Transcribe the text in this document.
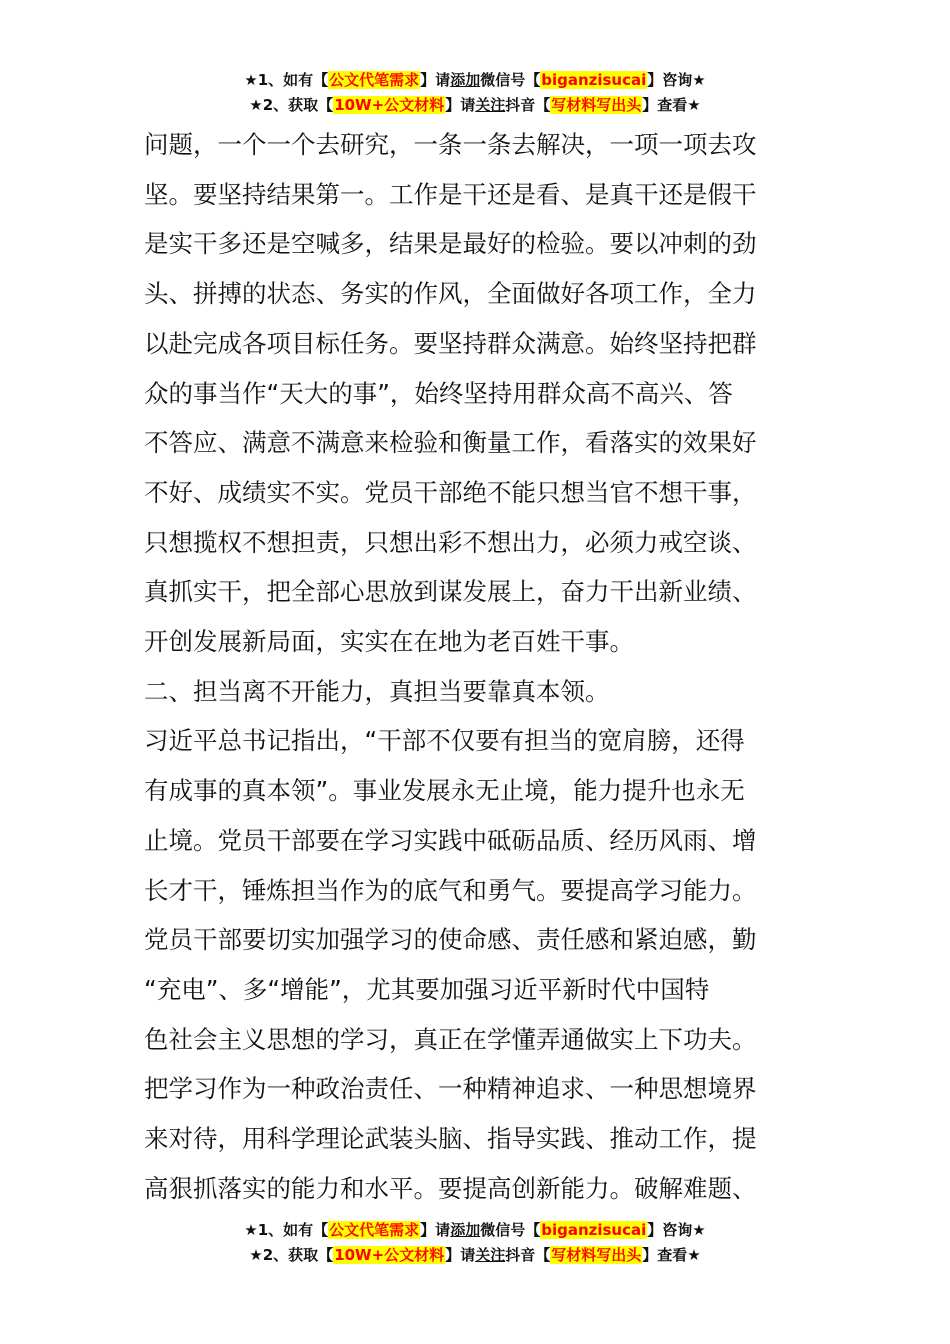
★1、如有【公文代笔需求】请添加微信号【biganzisucai】咨询★
★2、获取【10W+公文材料】请关注抖音【写材料写出头】查看★

问题，一个一个去研究，一条一条去解决，一项一项去攻

坚。要坚持结果第一。工作是干还是看、是真干还是假干

是实干多还是空喊多，结果是最好的检验。要以冲刺的劲

头、拼搏的状态、务实的作风，全面做好各项工作，全力

以赴完成各项目标任务。要坚持群众满意。始终坚持把群

众的事当作“天大的事”，始终坚持用群众高不高兴、答

不答应、满意不满意来检验和衡量工作，看落实的效果好

不好、成绩实不实。党员干部绝不能只想当官不想干事，

只想揽权不想担责，只想出彩不想出力，必须力戒空谈、

真抓实干，把全部心思放到谋发展上，奋力干出新业绩、

开创发展新局面，实实在在地为老百姓干事。

二、担当离不开能力，真担当要靠真本领。

习近平总书记指出，“干部不仅要有担当的宽肩膀，还得

有成事的真本领”。事业发展永无止境，能力提升也永无

止境。党员干部要在学习实践中砥砺品质、经历风雨、增

长才干，锤炼担当作为的底气和勇气。要提高学习能力。

党员干部要切实加强学习的使命感、责任感和紧迫感，勤

“充电”、多“增能”，尤其要加强习近平新时代中国特

色社会主义思想的学习，真正在学懂弄通做实上下功夫。

把学习作为一种政治责任、一种精神追求、一种思想境界

来对待，用科学理论武装头脑、指导实践、推动工作，提

高狠抓落实的能力和水平。要提高创新能力。破解难题、

★1、如有【公文代笔需求】请添加微信号【biganzisucai】咨询★
★2、获取【10W+公文材料】请关注抖音【写材料写出头】查看★
